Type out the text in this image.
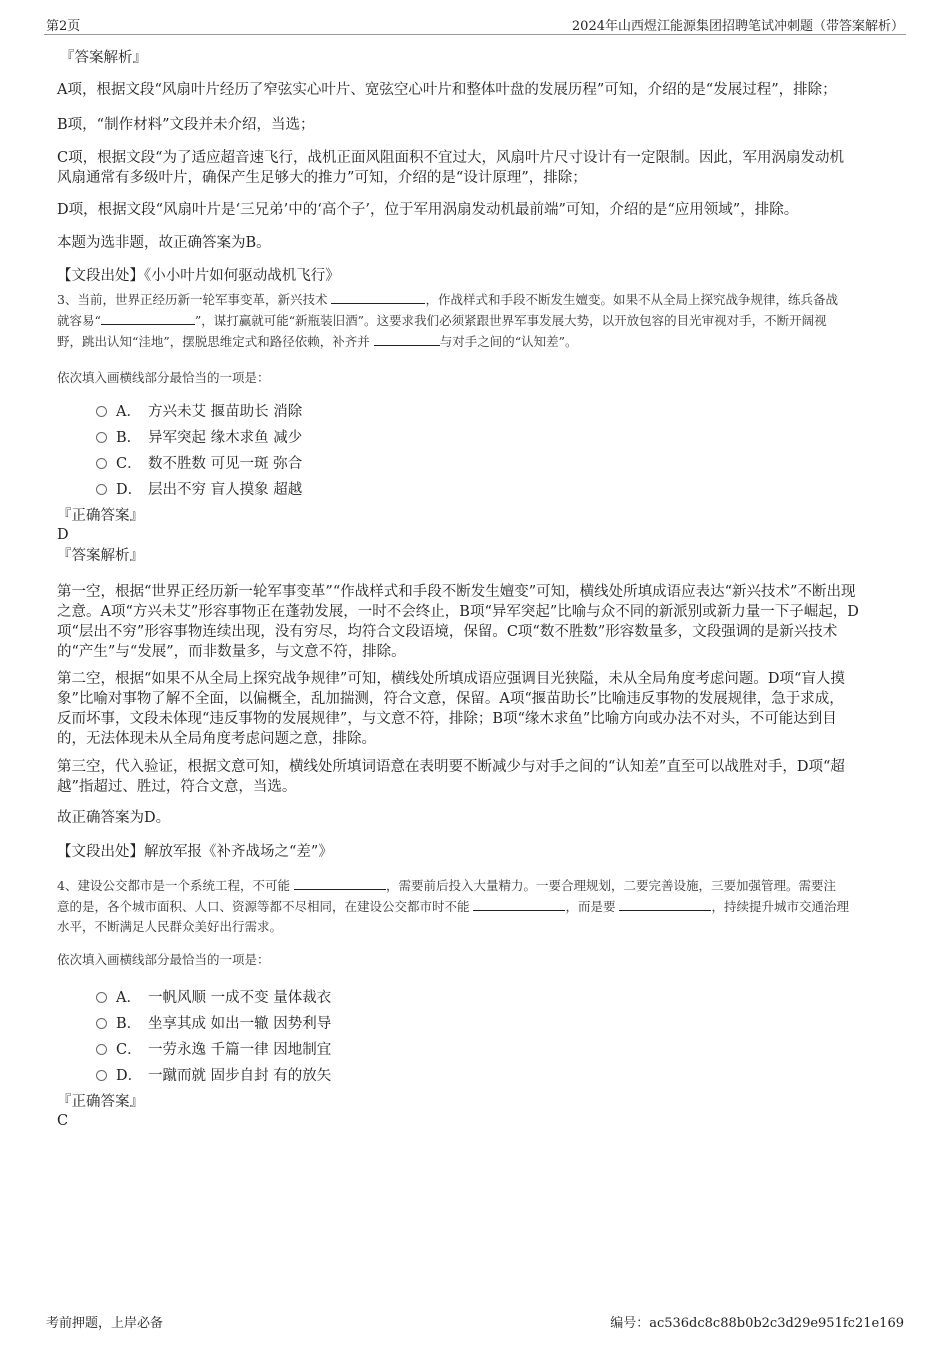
第2页	2024年山西煜江能源集团招聘笔试冲刺题（带答案解析）
『答案解析』
A项，根据文段“风扇叶片经历了窄弦实心叶片、宽弦空心叶片和整体叶盘的发展历程”可知，介绍的是“发展过程”，排除；
B项，“制作材料”文段并未介绍，当选；
C项，根据文段“为了适应超音速飞行，战机正面风阻面积不宜过大，风扇叶片尺寸设计有一定限制。因此，军用涡扇发动机
风扇通常有多级叶片，确保产生足够大的推力”可知，介绍的是“设计原理”，排除；
D项，根据文段“风扇叶片是‘三兄弟’中的‘高个子’，位于军用涡扇发动机最前端”可知，介绍的是“应用领域”，排除。
本题为选非题，故正确答案为B。
【文段出处】《小小叶片如何驱动战机飞行》
3、当前，世界正经历新一轮军事变革，新兴技术	，作战样式和手段不断发生嬗变。如果不从全局上探究战争规律，练兵备战
就容易“	”，谋打赢就可能“新瓶装旧酒”。这要求我们必须紧跟世界军事发展大势，以开放包容的目光审视对手，不断开阔视
野，跳出认知“洼地”，摆脱思维定式和路径依赖，补齐并	与对手之间的“认知差”。
依次填入画横线部分最恰当的一项是：
A． 方兴未艾 揠苗助长 消除
B． 异军突起 缘木求鱼 减少
C． 数不胜数 可见一斑 弥合
D． 层出不穷 盲人摸象 超越
『正确答案』
D
『答案解析』
第一空，根据“世界正经历新一轮军事变革”“作战样式和手段不断发生嬗变”可知，横线处所填成语应表达“新兴技术”不断出现
之意。A项“方兴未艾”形容事物正在蓬勃发展，一时不会终止，B项“异军突起”比喻与众不同的新派别或新力量一下子崛起，D
项“层出不穷”形容事物连续出现，没有穷尽，均符合文段语境，保留。C项“数不胜数”形容数量多，文段强调的是新兴技术
的“产生”与“发展”，而非数量多，与文意不符，排除。
第二空，根据“如果不从全局上探究战争规律”可知，横线处所填成语应强调目光狭隘，未从全局角度考虑问题。D项“盲人摸
象”比喻对事物了解不全面，以偏概全，乱加揣测，符合文意，保留。A项“揠苗助长”比喻违反事物的发展规律，急于求成，
反而坏事，文段未体现“违反事物的发展规律”，与文意不符，排除；B项“缘木求鱼”比喻方向或办法不对头，不可能达到目
的，无法体现未从全局角度考虑问题之意，排除。
第三空，代入验证，根据文意可知，横线处所填词语意在表明要不断减少与对手之间的“认知差”直至可以战胜对手，D项“超
越”指超过、胜过，符合文意，当选。
故正确答案为D。
【文段出处】解放军报《补齐战场之“差”》
4、建设公交都市是一个系统工程，不可能	，需要前后投入大量精力。一要合理规划，二要完善设施，三要加强管理。需要注
意的是，各个城市面积、人口、资源等都不尽相同，在建设公交都市时不能	，而是要	，持续提升城市交通治理
水平，不断满足人民群众美好出行需求。
依次填入画横线部分最恰当的一项是：
A． 一帆风顺 一成不变 量体裁衣
B． 坐享其成 如出一辙 因势利导
C． 一劳永逸 千篇一律 因地制宜
D． 一蹴而就 固步自封 有的放矢
『正确答案』
C
考前押题，上岸必备	编号：ac536dc8c88b0b2c3d29e951fc21e169
